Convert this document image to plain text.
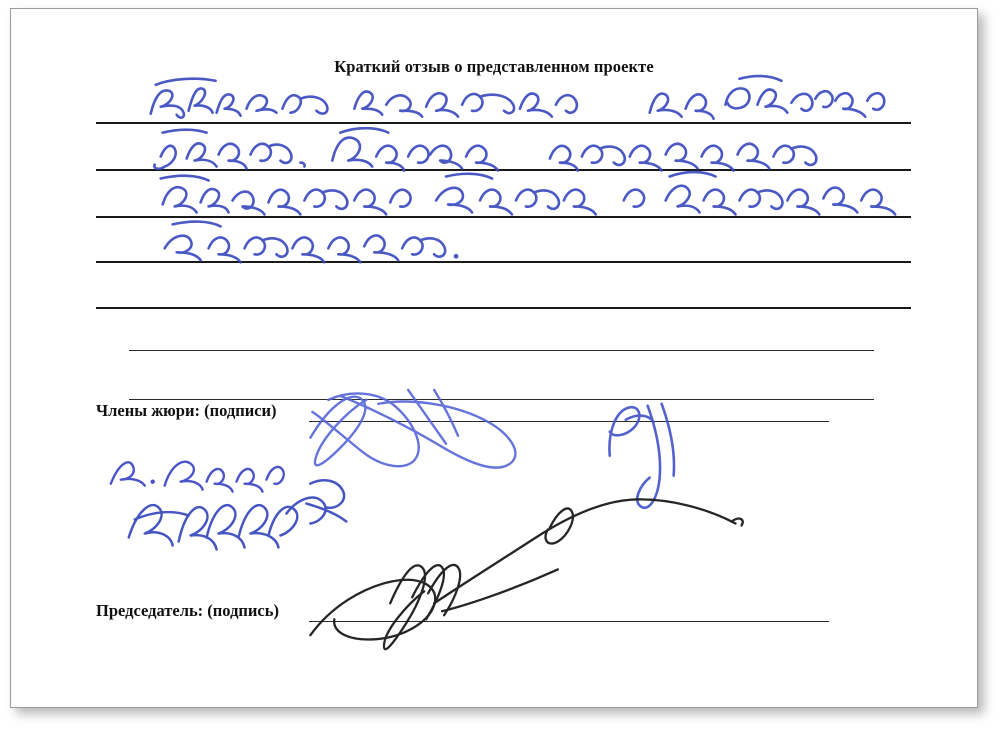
Краткий отзыв о представленном проекте
Члены жюри: (подписи)
Председатель: (подпись)
